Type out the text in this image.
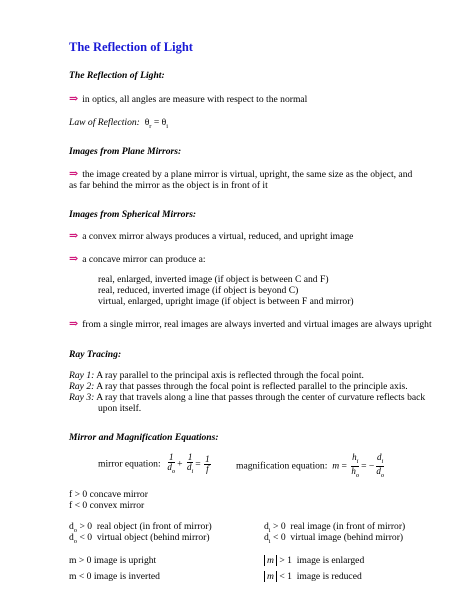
The Reflection of Light
The Reflection of Light:
⇒ in optics, all angles are measure with respect to the normal
Law of Reflection: $\theta_r = \theta_i$
Images from Plane Mirrors:
⇒ the image created by a plane mirror is virtual, upright, the same size as the object, and
as far behind the mirror as the object is in front of it
Images from Spherical Mirrors:
⇒ a convex mirror always produces a virtual, reduced, and upright image
⇒ a concave mirror can produce a:
real, enlarged, inverted image (if object is between C and F)
real, reduced, inverted image (if object is beyond C)
virtual, enlarged, upright image (if object is between F and mirror)
⇒ from a single mirror, real images are always inverted and virtual images are always upright
Ray Tracing:
Ray 1: A ray parallel to the principal axis is reflected through the focal point.
Ray 2: A ray that passes through the focal point is reflected parallel to the principle axis.
Ray 3: A ray that travels along a line that passes through the center of curvature reflects back
upon itself.
Mirror and Magnification Equations:
mirror equation: $\frac{1}{d_o} + \frac{1}{d_i} = \frac{1}{f}$	magnification equation: $m = \frac{h_i}{h_o}$ = − $\frac{d_i}{d_o}$
f > 0 concave mirror
f < 0 convex mirror
$d_o > 0$  real object (in front of mirror)
$d_o < 0$  virtual object (behind mirror)
$d_i > 0$  real image (in front of mirror)
$d_i < 0$  virtual image (behind mirror)
m > 0 image is upright
m < 0 image is inverted
m > 1  image is enlarged
m < 1  image is reduced
